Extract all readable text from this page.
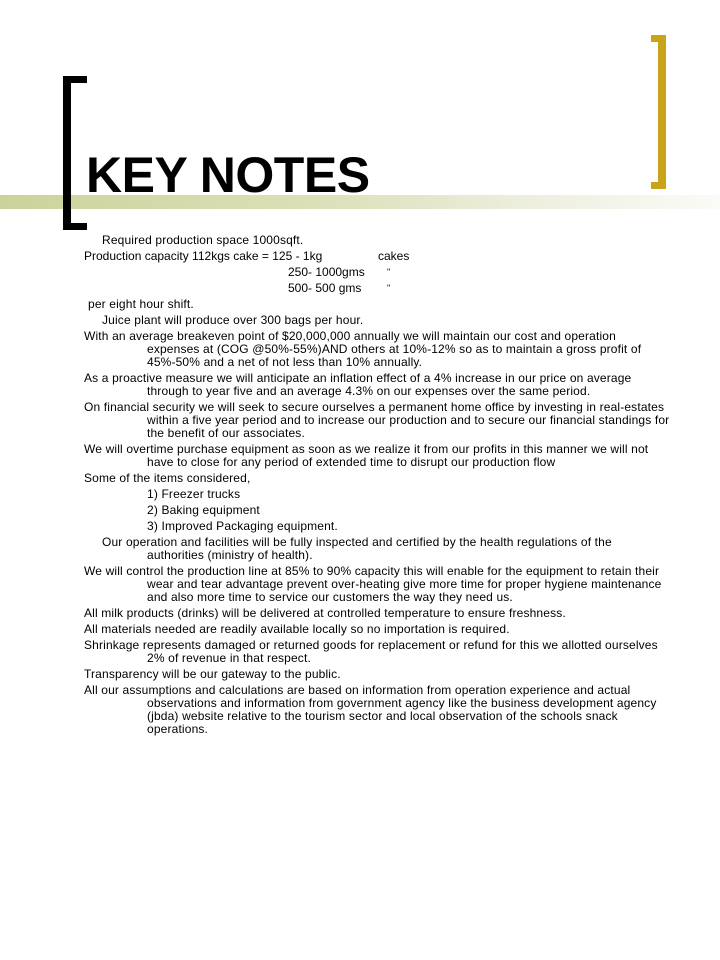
KEY NOTES

Required production space 1000sqft.

Production capacity 112kgs cake = 125 - 1kg	cakes
250- 1000gms "
500- 500 gms	"

per eight hour shift.

Juice plant will produce over 300 bags per hour.

With an average breakeven point of $20,000,000 annually we will maintain our cost and operation expenses at (COG @50%-55%)AND others at 10%-12% so as to maintain a gross profit of 45%-50% and a net of not less than 10% annually.

As a proactive measure we will anticipate an inflation effect of a 4% increase in our price on average through to year five and an average 4.3% on our expenses over the same period.

On financial security we will seek to secure ourselves a permanent home office by investing in real-estates within a five year period and to increase our production and to secure our financial standings for the benefit of our associates.

We will overtime purchase equipment as soon as we realize it from our profits in this manner we will not have to close for any period of extended time to disrupt our production flow

Some of the items considered,

1) Freezer trucks

2) Baking equipment

3) Improved Packaging equipment.

Our operation and facilities will be fully inspected and certified by the health regulations of the authorities (ministry of health).

We will control the production line at 85% to 90% capacity this will enable for the equipment to retain their wear and tear advantage prevent over-heating give more time for proper hygiene maintenance and also more time to service our customers the way they need us.

All milk products (drinks) will be delivered at controlled temperature to ensure freshness.

All materials needed are readily available locally so no importation is required.

Shrinkage represents damaged or returned goods for replacement or refund for this we allotted ourselves 2% of revenue in that respect.

Transparency will be our gateway to the public.

All our assumptions and calculations are based on information from operation experience and actual observations and information from government agency like the business development agency (jbda) website relative to the tourism sector and local observation of the schools snack operations.
